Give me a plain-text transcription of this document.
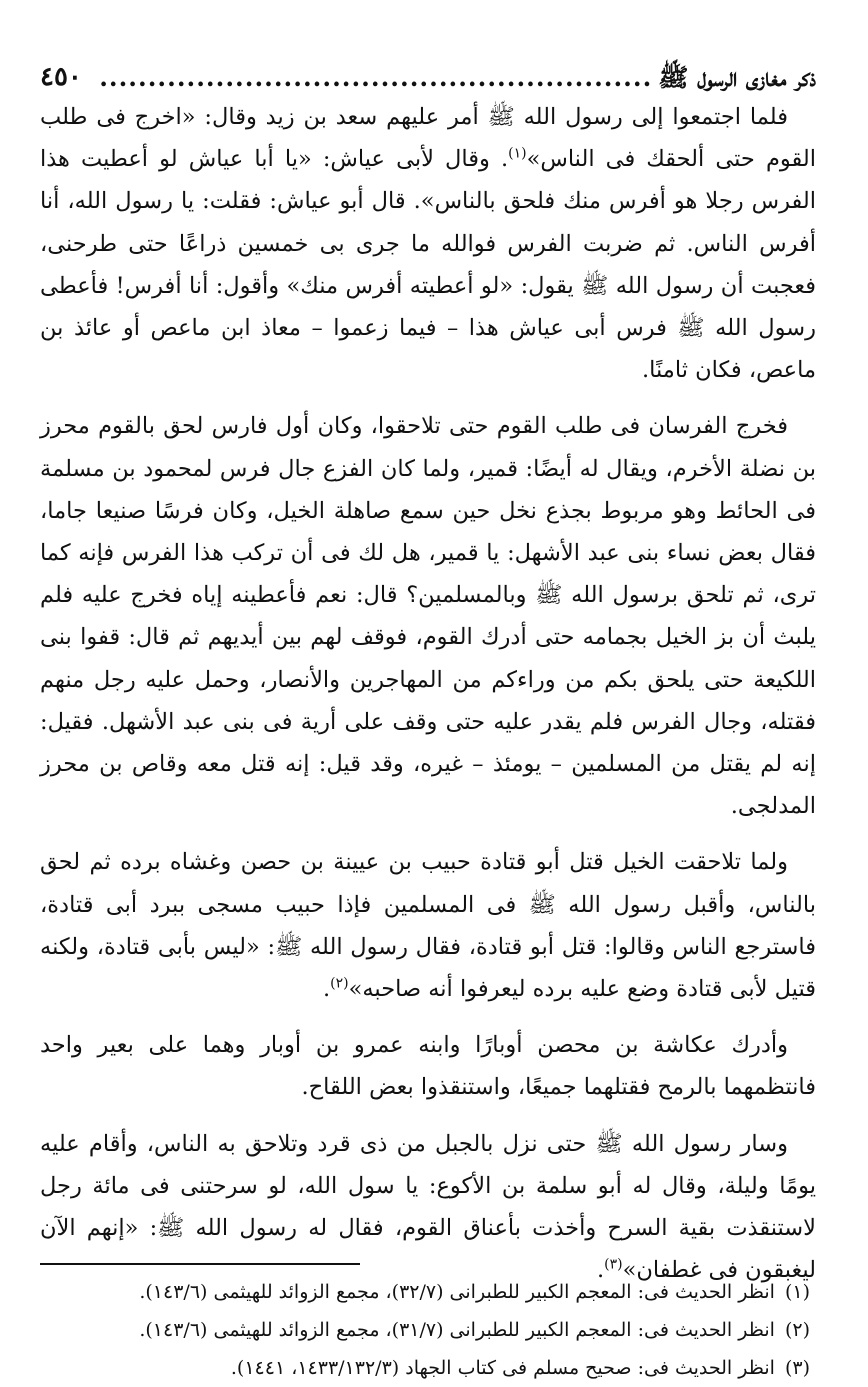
ذكر مغازى الرسول ﷺ
.........................................................
٤٥٠

فلما اجتمعوا إلى رسول الله ﷺ أمر عليهم سعد بن زيد وقال: «اخرج فى طلب القوم حتى ألحقك فى الناس»$^{(١)}$. وقال لأبى عياش: «يا أبا عياش لو أعطيت هذا الفرس رجلا هو أفرس منك فلحق بالناس». قال أبو عياش: فقلت: يا رسول الله، أنا أفرس الناس. ثم ضربت الفرس فوالله ما جرى بى خمسين ذراعًا حتى طرحنى، فعجبت أن رسول الله ﷺ يقول: «لو أعطيته أفرس منك» وأقول: أنا أفرس! فأعطى رسول الله ﷺ فرس أبى عياش هذا – فيما زعموا – معاذ ابن ماعص أو عائذ بن ماعص، فكان ثامنًا.

فخرج الفرسان فى طلب القوم حتى تلاحقوا، وكان أول فارس لحق بالقوم محرز بن نضلة الأخرم، ويقال له أيضًا: قمير، ولما كان الفزع جال فرس لمحمود بن مسلمة فى الحائط وهو مربوط بجذع نخل حين سمع صاهلة الخيل، وكان فرسًا صنيعا جاما، فقال بعض نساء بنى عبد الأشهل: يا قمير، هل لك فى أن تركب هذا الفرس فإنه كما ترى، ثم تلحق برسول الله ﷺ وبالمسلمين؟ قال: نعم فأعطينه إياه فخرج عليه فلم يلبث أن بز الخيل بجمامه حتى أدرك القوم، فوقف لهم بين أيديهم ثم قال: قفوا بنى اللكيعة حتى يلحق بكم من وراءكم من المهاجرين والأنصار، وحمل عليه رجل منهم فقتله، وجال الفرس فلم يقدر عليه حتى وقف على أرية فى بنى عبد الأشهل. فقيل: إنه لم يقتل من المسلمين – يومئذ – غيره، وقد قيل: إنه قتل معه وقاص بن محرز المدلجى.

ولما تلاحقت الخيل قتل أبو قتادة حبيب بن عيينة بن حصن وغشاه برده ثم لحق بالناس، وأقبل رسول الله ﷺ فى المسلمين فإذا حبيب مسجى ببرد أبى قتادة، فاسترجع الناس وقالوا: قتل أبو قتادة، فقال رسول الله ﷺ: «ليس بأبى قتادة، ولكنه قتيل لأبى قتادة وضع عليه برده ليعرفوا أنه صاحبه»$^{(٢)}$.

وأدرك عكاشة بن محصن أوبارًا وابنه عمرو بن أوبار وهما على بعير واحد فانتظمهما بالرمح فقتلهما جميعًا، واستنقذوا بعض اللقاح.

وسار رسول الله ﷺ حتى نزل بالجبل من ذى قرد وتلاحق به الناس، وأقام عليه يومًا وليلة، وقال له أبو سلمة بن الأكوع: يا سول الله، لو سرحتنى فى مائة رجل لاستنقذت بقية السرح وأخذت بأعناق القوم، فقال له رسول الله ﷺ: «إنهم الآن ليغبقون فى غطفان»$^{(٣)}$.

(١) انظر الحديث فى: المعجم الكبير للطبرانى (٣٢/٧)، مجمع الزوائد للهيثمى (١٤٣/٦).

(٢) انظر الحديث فى: المعجم الكبير للطبرانى (٣١/٧)، مجمع الزوائد للهيثمى (١٤٣/٦).

(٣) انظر الحديث فى: صحيح مسلم فى كتاب الجهاد (١٤٣٣/١٣٢/٣، ١٤٤١).
